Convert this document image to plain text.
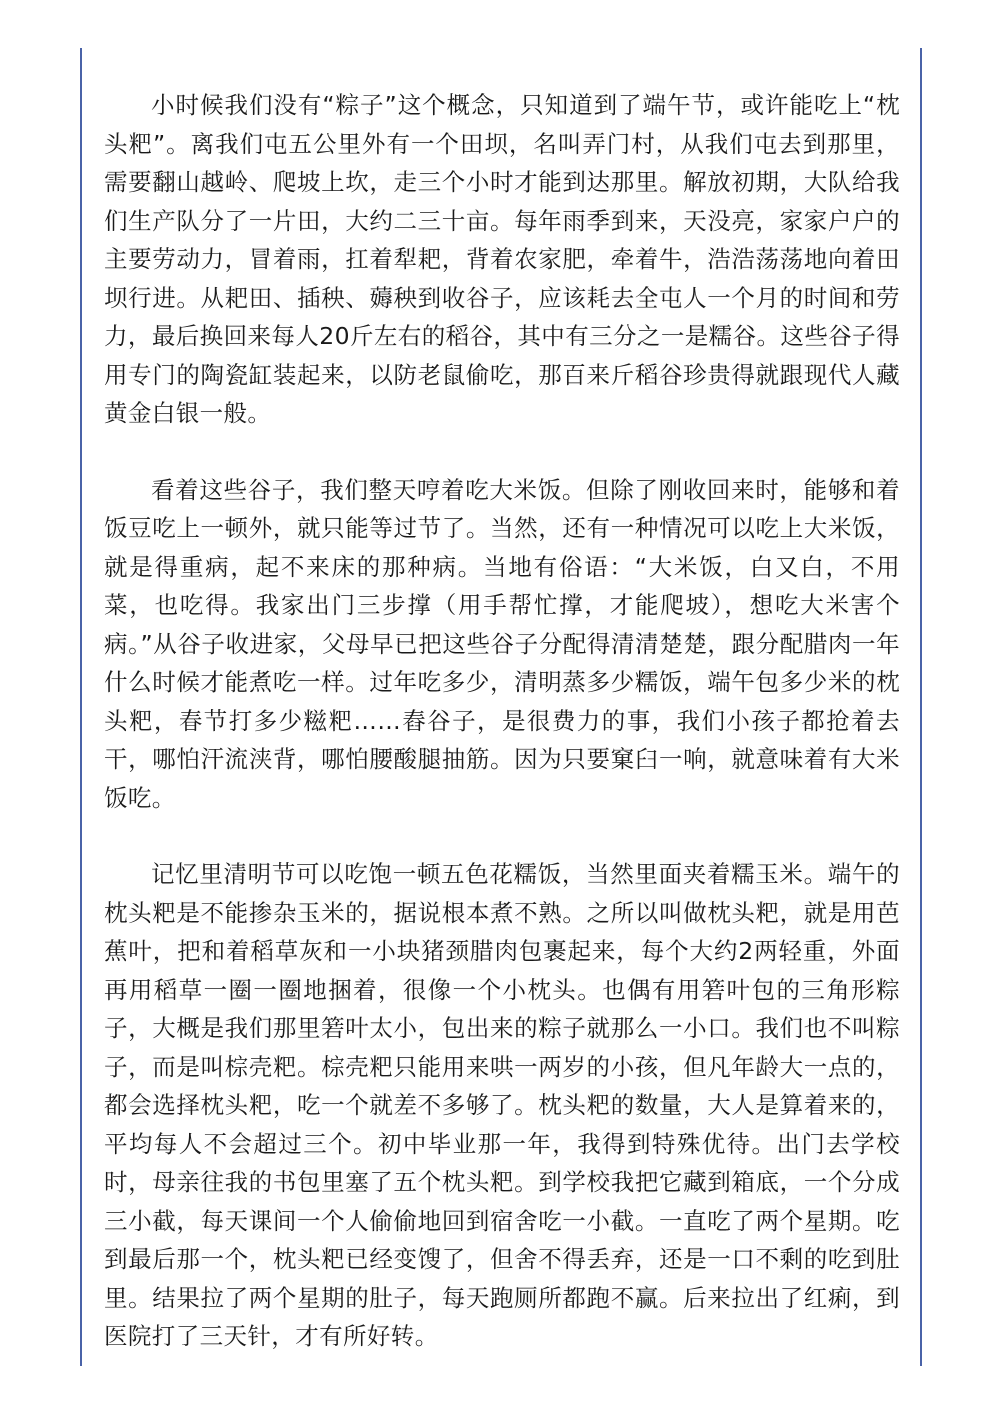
小时候我们没有“粽子”这个概念，只知道到了端午节，或许能吃上“枕头粑”。离我们屯五公里外有一个田坝，名叫弄门村，从我们屯去到那里，需要翻山越岭、爬坡上坎，走三个小时才能到达那里。解放初期，大队给我们生产队分了一片田，大约二三十亩。每年雨季到来，天没亮，家家户户的主要劳动力，冒着雨，扛着犁耙，背着农家肥，牵着牛，浩浩荡荡地向着田坝行进。从耙田、插秧、薅秧到收谷子，应该耗去全屯人一个月的时间和劳力，最后换回来每人20斤左右的稻谷，其中有三分之一是糯谷。这些谷子得用专门的陶瓷缸装起来，以防老鼠偷吃，那百来斤稻谷珍贵得就跟现代人藏黄金白银一般。

看着这些谷子，我们整天哼着吃大米饭。但除了刚收回来时，能够和着饭豆吃上一顿外，就只能等过节了。当然，还有一种情况可以吃上大米饭，就是得重病，起不来床的那种病。当地有俗语：“大米饭，白又白，不用菜，也吃得。我家出门三步撑（用手帮忙撑，才能爬坡），想吃大米害个病。”从谷子收进家，父母早已把这些谷子分配得清清楚楚，跟分配腊肉一年什么时候才能煮吃一样。过年吃多少，清明蒸多少糯饭，端午包多少米的枕头粑，春节打多少糍粑……舂谷子，是很费力的事，我们小孩子都抢着去干，哪怕汗流浃背，哪怕腰酸腿抽筋。因为只要窠臼一响，就意味着有大米饭吃。

记忆里清明节可以吃饱一顿五色花糯饭，当然里面夹着糯玉米。端午的枕头粑是不能掺杂玉米的，据说根本煮不熟。之所以叫做枕头粑，就是用芭蕉叶，把和着稻草灰和一小块猪颈腊肉包裹起来，每个大约2两轻重，外面再用稻草一圈一圈地捆着，很像一个小枕头。也偶有用箬叶包的三角形粽子，大概是我们那里箬叶太小，包出来的粽子就那么一小口。我们也不叫粽子，而是叫棕壳粑。棕壳粑只能用来哄一两岁的小孩，但凡年龄大一点的，都会选择枕头粑，吃一个就差不多够了。枕头粑的数量，大人是算着来的，平均每人不会超过三个。初中毕业那一年，我得到特殊优待。出门去学校时，母亲往我的书包里塞了五个枕头粑。到学校我把它藏到箱底，一个分成三小截，每天课间一个人偷偷地回到宿舍吃一小截。一直吃了两个星期。吃到最后那一个，枕头粑已经变馊了，但舍不得丢弃，还是一口不剩的吃到肚里。结果拉了两个星期的肚子，每天跑厕所都跑不赢。后来拉出了红痢，到医院打了三天针，才有所好转。
